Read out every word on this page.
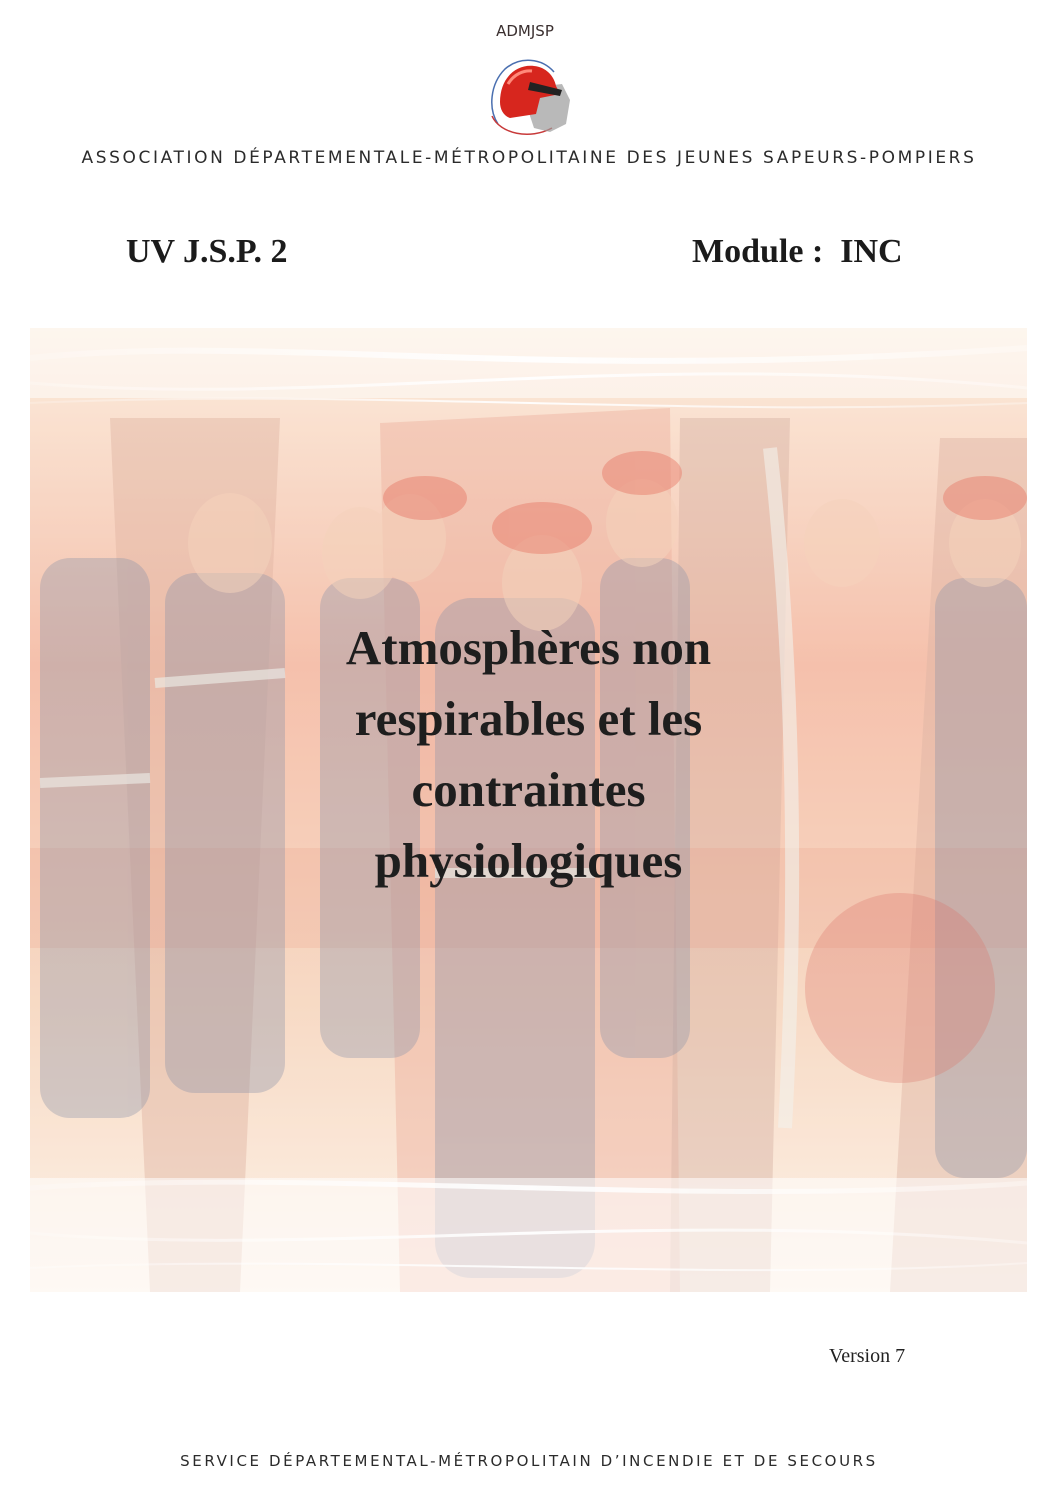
ADMJSP
ASSOCIATION DÉPARTEMENTALE-MÉTROPOLITAINE DES JEUNES SAPEURS-POMPIERS
UV J.S.P. 2	Module :  INC
Atmosphères non
respirables et les
contraintes
physiologiques
Version 7
SERVICE DÉPARTEMENTAL-MÉTROPOLITAIN D’INCENDIE ET DE SECOURS
